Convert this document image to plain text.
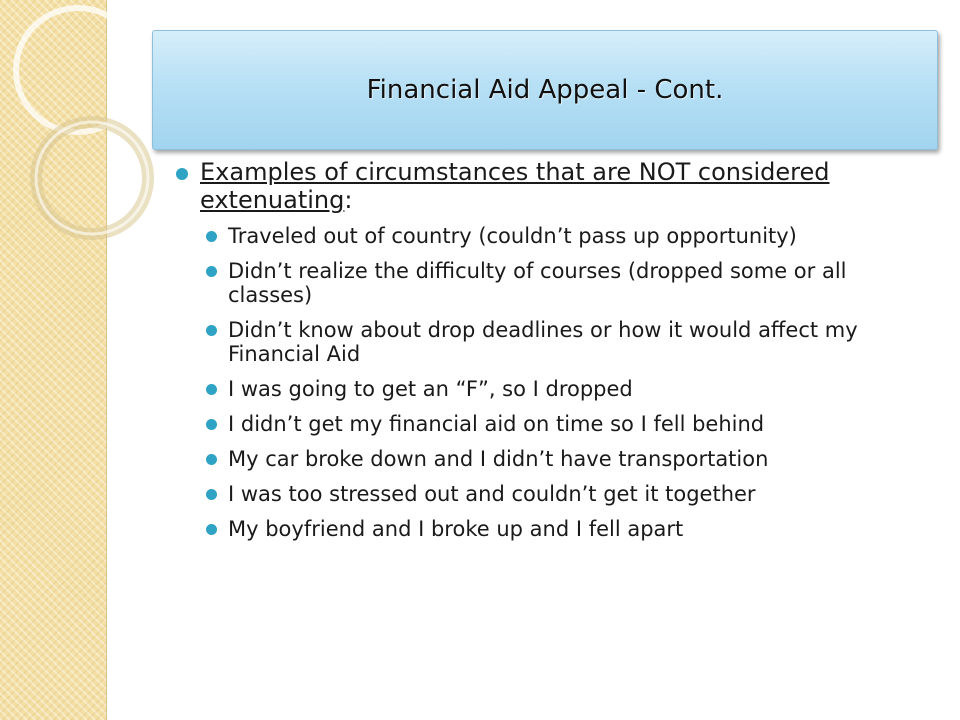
Financial Aid Appeal - Cont.
Examples of circumstances that are NOT considered extenuating:
Traveled out of country (couldn’t pass up opportunity)
Didn’t realize the difficulty of courses (dropped some or all classes)
Didn’t know about drop deadlines or how it would affect my Financial Aid
I was going to get an “F”, so I dropped
I didn’t get my financial aid on time so I fell behind
My car broke down and I didn’t have transportation
I was too stressed out and couldn’t get it together
My boyfriend and I broke up and I fell apart
